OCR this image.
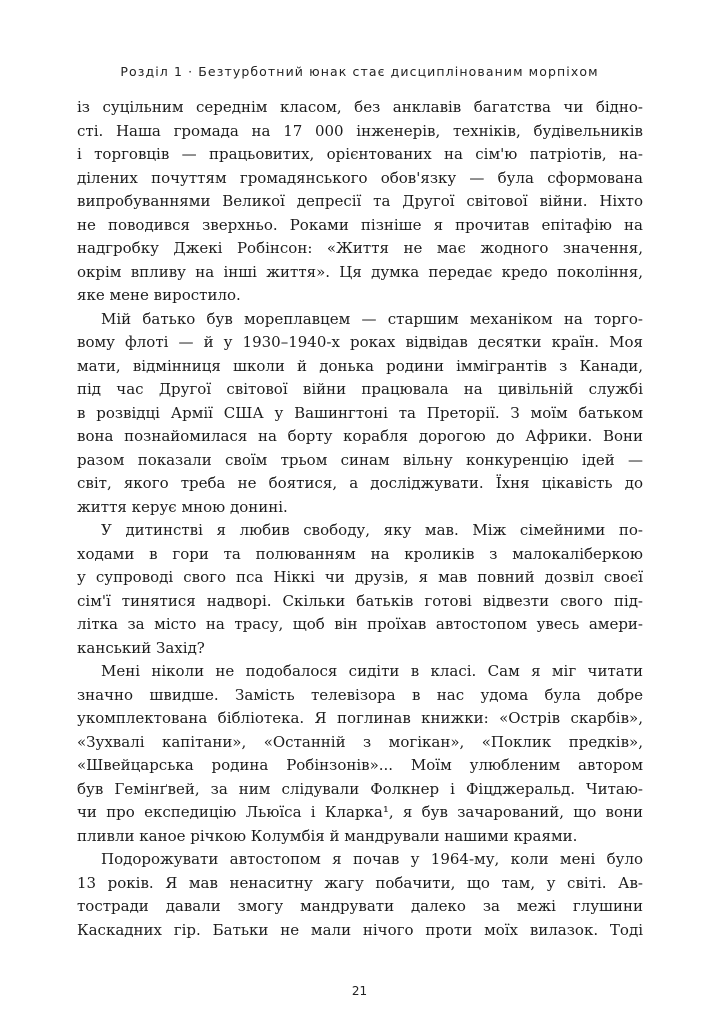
Розділ 1 · Безтурботний юнак стає дисциплінованим морпіхом
із суцільним середнім класом, без анклавів багатства чи бідно-
сті. Наша громада на 17 000 інженерів, техніків, будівельників
і торговців — працьовитих, орієнтованих на сім'ю патріотів, на-
ділених почуттям громадянського обов'язку — була сформована
випробуваннями Великої депресії та Другої світової війни. Ніхто
не поводився зверхньо. Роками пізніше я прочитав епітафію на
надгробку Джекі Робінсон: «Життя не має жодного значення,
окрім впливу на інші життя». Ця думка передає кредо покоління,
яке мене виростило.
Мій батько був мореплавцем — старшим механіком на торго-
вому флоті — й у 1930–1940-х роках відвідав десятки країн. Моя
мати, відмінниця школи й донька родини іммігрантів з Канади,
під час Другої світової війни працювала на цивільній службі
в розвідці Армії США у Вашингтоні та Преторії. З моїм батьком
вона познайомилася на борту корабля дорогою до Африки. Вони
разом показали своїм трьом синам вільну конкуренцію ідей —
світ, якого треба не боятися, а досліджувати. Їхня цікавість до
життя керує мною донині.
У дитинстві я любив свободу, яку мав. Між сімейними по-
ходами в гори та полюванням на кроликів з малокаліберкою
у супроводі свого пса Ніккі чи друзів, я мав повний дозвіл своєї
сім'ї тинятися надворі. Скільки батьків готові відвезти свого під-
літка за місто на трасу, щоб він проїхав автостопом увесь амери-
канський Захід?
Мені ніколи не подобалося сидіти в класі. Сам я міг читати
значно швидше. Замість телевізора в нас удома була добре
укомплектована бібліотека. Я поглинав книжки: «Острів скарбів»,
«Зухвалі капітани», «Останній з могікан», «Поклик предків»,
«Швейцарська родина Робінзонів»... Моїм улюбленим автором
був Гемінґвей, за ним слідували Фолкнер і Фіцджеральд. Читаю-
чи про експедицію Льюїса і Кларка¹, я був зачарований, що вони
пливли каное річкою Колумбія й мандрували нашими краями.
Подорожувати автостопом я почав у 1964-му, коли мені було
13 років. Я мав ненаситну жагу побачити, що там, у світі. Ав-
тостради давали змогу мандрувати далеко за межі глушини
Каскадних гір. Батьки не мали нічого проти моїх вилазок. Тоді
21
